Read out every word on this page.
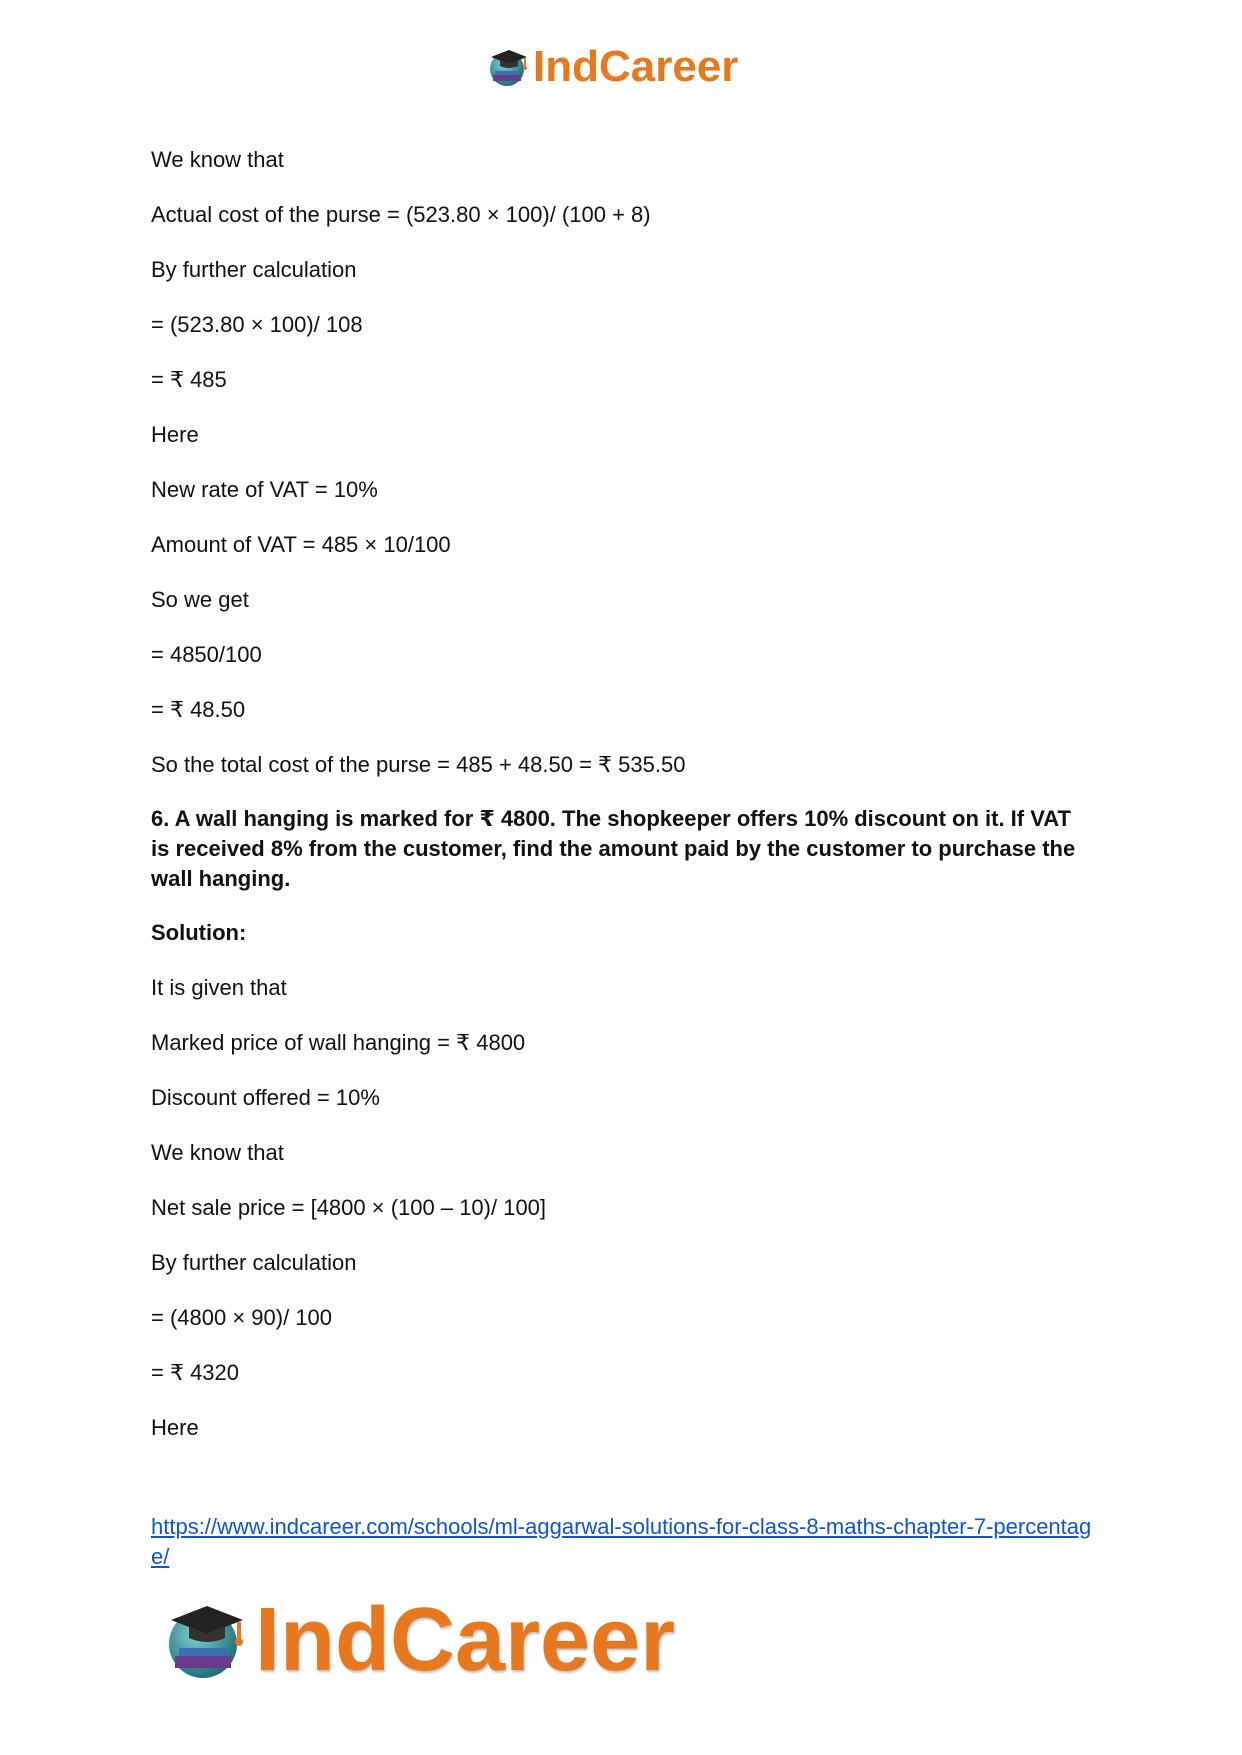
IndCareer
We know that
Actual cost of the purse = (523.80 × 100)/ (100 + 8)
By further calculation
= (523.80 × 100)/ 108
= ₹ 485
Here
New rate of VAT = 10%
Amount of VAT = 485 × 10/100
So we get
= 4850/100
= ₹ 48.50
So the total cost of the purse = 485 + 48.50 = ₹ 535.50
6. A wall hanging is marked for ₹ 4800. The shopkeeper offers 10% discount on it. If VAT is received 8% from the customer, find the amount paid by the customer to purchase the wall hanging.
Solution:
It is given that
Marked price of wall hanging = ₹ 4800
Discount offered = 10%
We know that
Net sale price = [4800 × (100 – 10)/ 100]
By further calculation
= (4800 × 90)/ 100
= ₹ 4320
Here
https://www.indcareer.com/schools/ml-aggarwal-solutions-for-class-8-maths-chapter-7-percentage/
IndCareer
